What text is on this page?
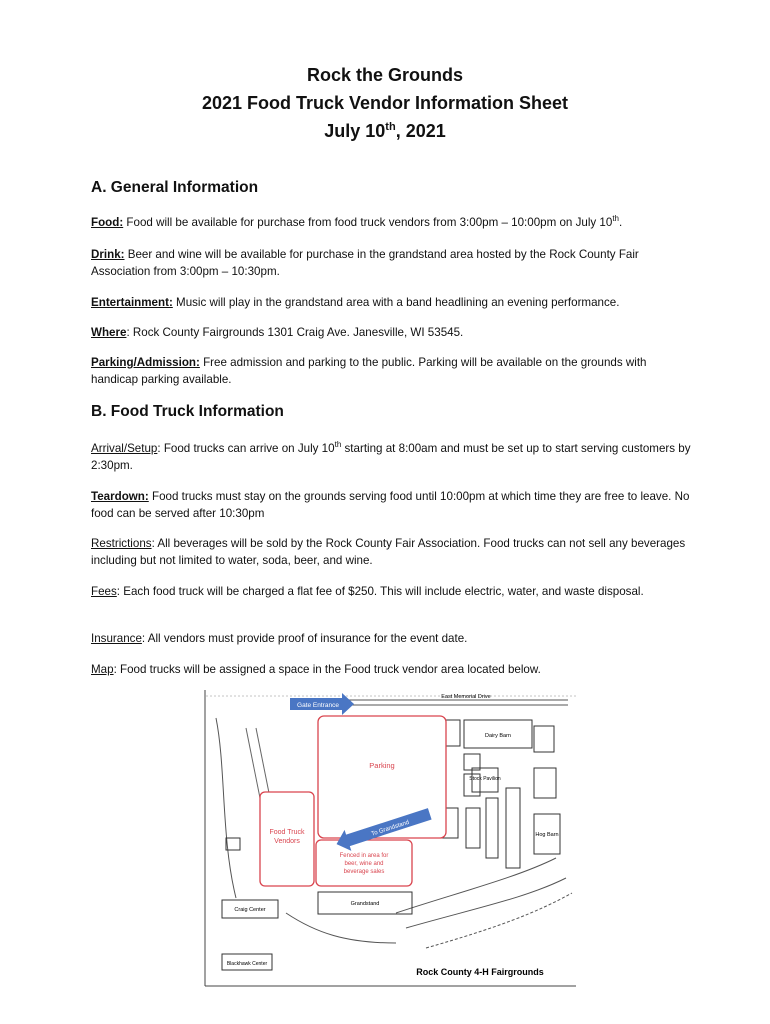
Rock the Grounds
2021 Food Truck Vendor Information Sheet
July 10th, 2021
A. General Information
Food: Food will be available for purchase from food truck vendors from 3:00pm – 10:00pm on July 10th.
Drink: Beer and wine will be available for purchase in the grandstand area hosted by the Rock County Fair Association from 3:00pm – 10:30pm.
Entertainment: Music will play in the grandstand area with a band headlining an evening performance.
Where: Rock County Fairgrounds 1301 Craig Ave. Janesville, WI 53545.
Parking/Admission: Free admission and parking to the public. Parking will be available on the grounds with handicap parking available.
B. Food Truck Information
Arrival/Setup: Food trucks can arrive on July 10th starting at 8:00am and must be set up to start serving customers by 2:30pm.
Teardown: Food trucks must stay on the grounds serving food until 10:00pm at which time they are free to leave. No food can be served after 10:30pm
Restrictions: All beverages will be sold by the Rock County Fair Association. Food trucks can not sell any beverages including but not limited to water, soda, beer, and wine.
Fees: Each food truck will be charged a flat fee of $250. This will include electric, water, and waste disposal.
Insurance: All vendors must provide proof of insurance for the event date.
Map: Food trucks will be assigned a space in the Food truck vendor area located below.
Dairy Barn
Stock Pavilion
Hog Barn
Craig Center
Grandstand
Blackhawk Center
East Memorial Drive
Parking
Food Truck
Vendors
Fenced in area for
beer, wine and
beverage sales
Gate Entrance
To Grandstand
Rock County 4-H Fairgrounds
